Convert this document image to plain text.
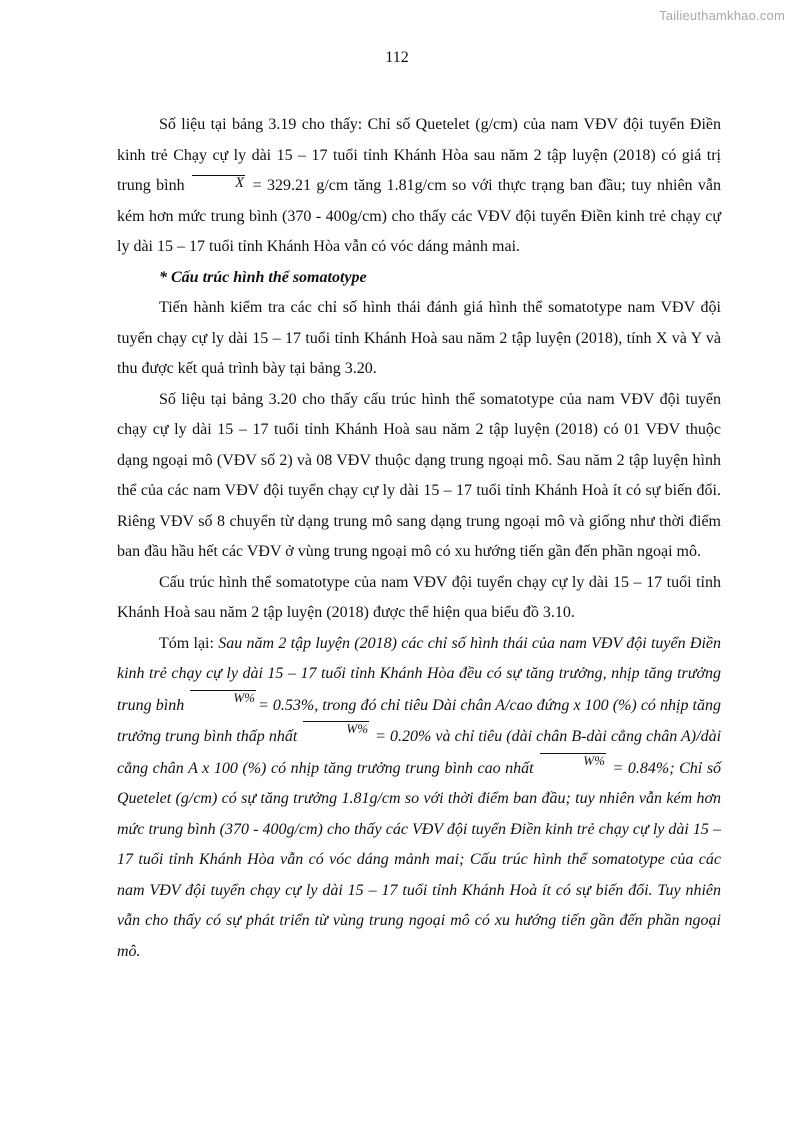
Tailieuthamkhao.com
112

Số liệu tại bảng 3.19 cho thấy: Chỉ số Quetelet (g/cm) của nam VĐV đội tuyển Điền kinh trẻ Chạy cự ly dài 15 – 17 tuổi tỉnh Khánh Hòa sau năm 2 tập luyện (2018) có giá trị trung bình	X = 329.21 g/cm tăng 1.81g/cm so với thực trạng ban đầu; tuy nhiên vẫn kém hơn mức trung bình (370 - 400g/cm) cho thấy các VĐV đội tuyển Điền kinh trẻ chạy cự ly dài 15 – 17 tuổi tỉnh Khánh Hòa vẫn có vóc dáng mảnh mai.

* Cấu trúc hình thể somatotype

Tiến hành kiểm tra các chỉ số hình thái đánh giá hình thể somatotype nam VĐV đội tuyển chạy cự ly dài 15 – 17 tuổi tỉnh Khánh Hoà sau năm 2 tập luyện (2018), tính X và Y và thu được kết quả trình bày tại bảng 3.20.

Số liệu tại bảng 3.20 cho thấy cấu trúc hình thể somatotype của nam VĐV đội tuyển chạy cự ly dài 15 – 17 tuổi tỉnh Khánh Hoà sau năm 2 tập luyện (2018) có 01 VĐV thuộc dạng ngoại mô (VĐV số 2) và 08 VĐV thuộc dạng trung ngoại mô. Sau năm 2 tập luyện hình thể của các nam VĐV đội tuyển chạy cự ly dài 15 – 17 tuổi tỉnh Khánh Hoà ít có sự biến đổi. Riêng VĐV số 8 chuyển từ dạng trung mô sang dạng trung ngoại mô và giống như thời điểm ban đầu hầu hết các VĐV ở vùng trung ngoại mô có xu hướng tiến gần đến phần ngoại mô.

Cấu trúc hình thể somatotype của nam VĐV đội tuyển chạy cự ly dài 15 – 17 tuổi tỉnh Khánh Hoà sau năm 2 tập luyện (2018) được thể hiện qua biểu đồ 3.10.

Tóm lại: Sau năm 2 tập luyện (2018) các chỉ số hình thái của nam VĐV đội tuyển Điền kinh trẻ chạy cự ly dài 15 – 17 tuổi tỉnh Khánh Hòa đều có sự tăng trưởng, nhịp tăng trưởng trung bình	W% = 0.53%, trong đó chỉ tiêu Dài chân A/cao đứng x 100 (%) có nhịp tăng trưởng trung bình thấp nhất	W% = 0.20% và chỉ tiêu (dài chân B-dài cẳng chân A)/dài cẳng chân A x 100 (%) có nhịp tăng trưởng trung bình cao nhất	W% = 0.84%; Chỉ số Quetelet (g/cm) có sự tăng trưởng 1.81g/cm so với thời điểm ban đầu; tuy nhiên vẫn kém hơn mức trung bình (370 - 400g/cm) cho thấy các VĐV đội tuyển Điền kinh trẻ chạy cự ly dài 15 – 17 tuổi tỉnh Khánh Hòa vẫn có vóc dáng mảnh mai; Cấu trúc hình thể somatotype của các nam VĐV đội tuyển chạy cự ly dài 15 – 17 tuổi tỉnh Khánh Hoà ít có sự biến đổi. Tuy nhiên vẫn cho thấy có sự phát triển từ vùng trung ngoại mô có xu hướng tiến gần đến phần ngoại mô.
